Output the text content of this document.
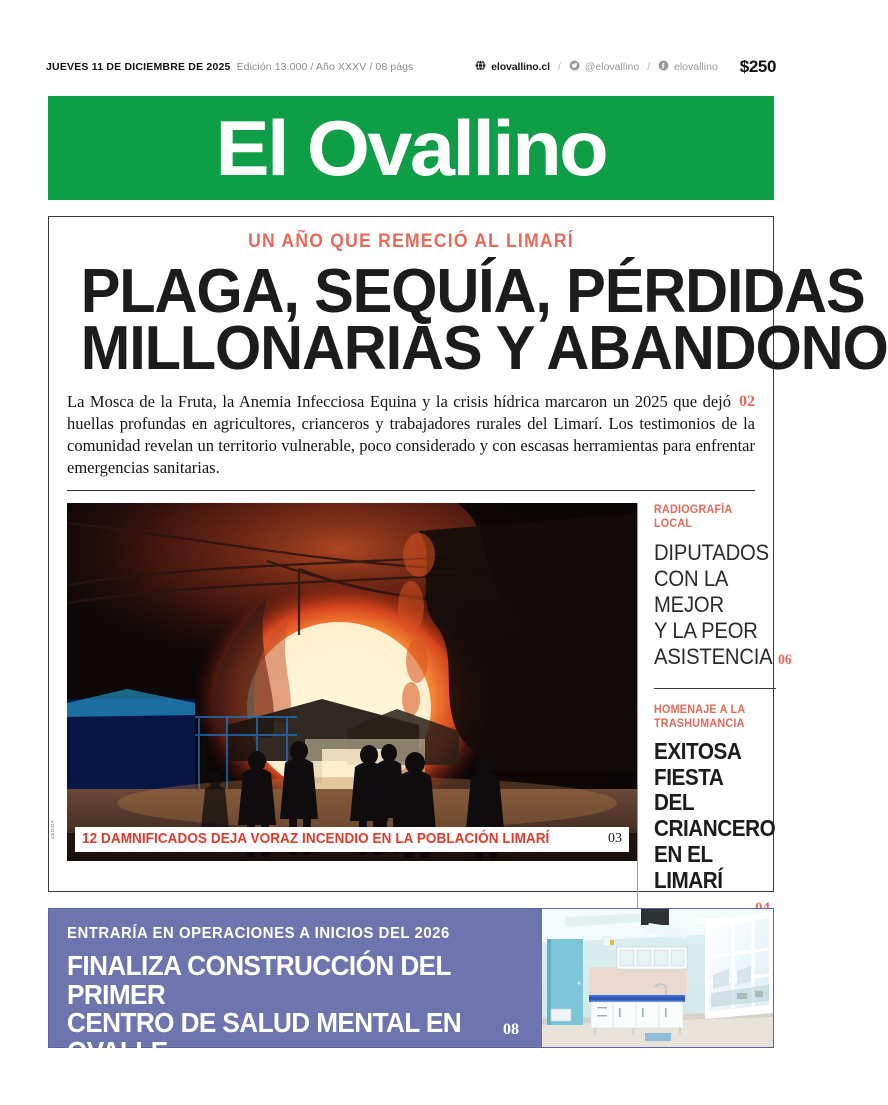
JUEVES 11 DE DICIEMBRE DE 2025 Edición 13.000 / Año XXXV / 08 págs	elovallino.cl / @elovallino / elovallino $250
El Ovallino
UN AÑO QUE REMECIÓ AL LIMARÍ
PLAGA, SEQUÍA, PÉRDIDAS
MILLONARIAS Y ABANDONO
02
La Mosca de la Fruta, la Anemia Infecciosa Equina y la crisis hídrica marcaron un 2025 que dejó huellas profundas en agricultores, crianceros y trabajadores rurales del Limarí. Los testimonios de la comunidad revelan un territorio vulnerable, poco considerado y con escasas herramientas para enfrentar emergencias sanitarias.
CEDIDA
12 DAMNIFICADOS DEJA VORAZ INCENDIO EN LA POBLACIÓN LIMARÍ	03
RADIOGRAFÍA LOCAL
DIPUTADOS
CON LA MEJOR
Y LA PEOR
ASISTENCIA 06
HOMENAJE A LA
TRASHUMANCIA
EXITOSA
FIESTA DEL
CRIANCERO
EN EL LIMARÍ
ENTRARÍA EN OPERACIONES A INICIOS DEL 2026
FINALIZA CONSTRUCCIÓN DEL PRIMER
CENTRO DE SALUD MENTAL EN OVALLE
08
